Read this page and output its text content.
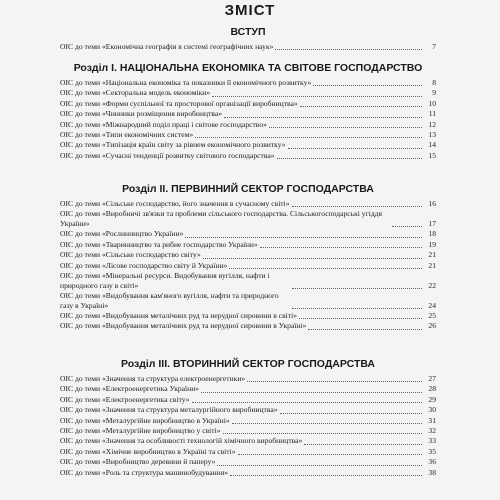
ЗМІСТ
ВСТУП
ОІС до теми «Економічна географія в системі географічних наук»	7
Розділ І. НАЦІОНАЛЬНА ЕКОНОМІКА ТА СВІТОВЕ ГОСПОДАРСТВО
ОІС до теми «Національна економіка та показники її економічного розвитку»	8
ОІС до теми «Секторальна модель економіки»	9
ОІС до теми «Форми суспільної та просторової організації виробництва»	10
ОІС до теми «Чинники розміщення виробництва»	11
ОІС до теми «Міжнародний поділ праці і світове господарство»	12
ОІС до теми «Типи економічних систем»	13
ОІС до теми «Типізація країн світу за рівнем економічного розвитку»	14
ОІС до теми «Сучасні тенденції розвитку світового господарства»	15
Розділ ІІ. ПЕРВИННИЙ СЕКТОР ГОСПОДАРСТВА
ОІС до теми «Сільське господарство, його значення в сучасному світі»	16
ОІС до теми «Виробничі зв'язки та проблеми сільського господарства. Сільськогосподарські угіддя України»	17
ОІС до теми «Рослинництво України»	18
ОІС до теми «Тваринництво та рибне господарство України»	19
ОІС до теми «Сільське господарство світу»	21
ОІС до теми «Лісове господарство світу й України»	21
ОІС до теми «Мінеральні ресурси. Видобування вугілля, нафти і природного газу в світі»	22
ОІС до теми «Видобування кам'яного вугілля, нафти та природного газу в Україні»	24
ОІС до теми «Видобування металічних руд та нерудної сировини в світі»	25
ОІС до теми «Видобування металічних руд та нерудної сировини в Україні»	26
Розділ ІІІ. ВТОРИННИЙ СЕКТОР ГОСПОДАРСТВА
ОІС до теми «Значення та структура електроенергетики»	27
ОІС до теми «Електроенергетика України»	28
ОІС до теми «Електроенергетика світу»	29
ОІС до теми «Значення та структура металургійного виробництва»	30
ОІС до теми «Металургійне виробництво в Україні»	31
ОІС до теми «Металургійне виробництво у світі»	32
ОІС до теми «Значення та особливості технологій хімічного виробництва»	33
ОІС до теми «Хімічне виробництво в Україні та світі»	35
ОІС до теми «Виробництво деревини й паперу»	36
ОІС до теми «Роль та структура машинобудування»	38
